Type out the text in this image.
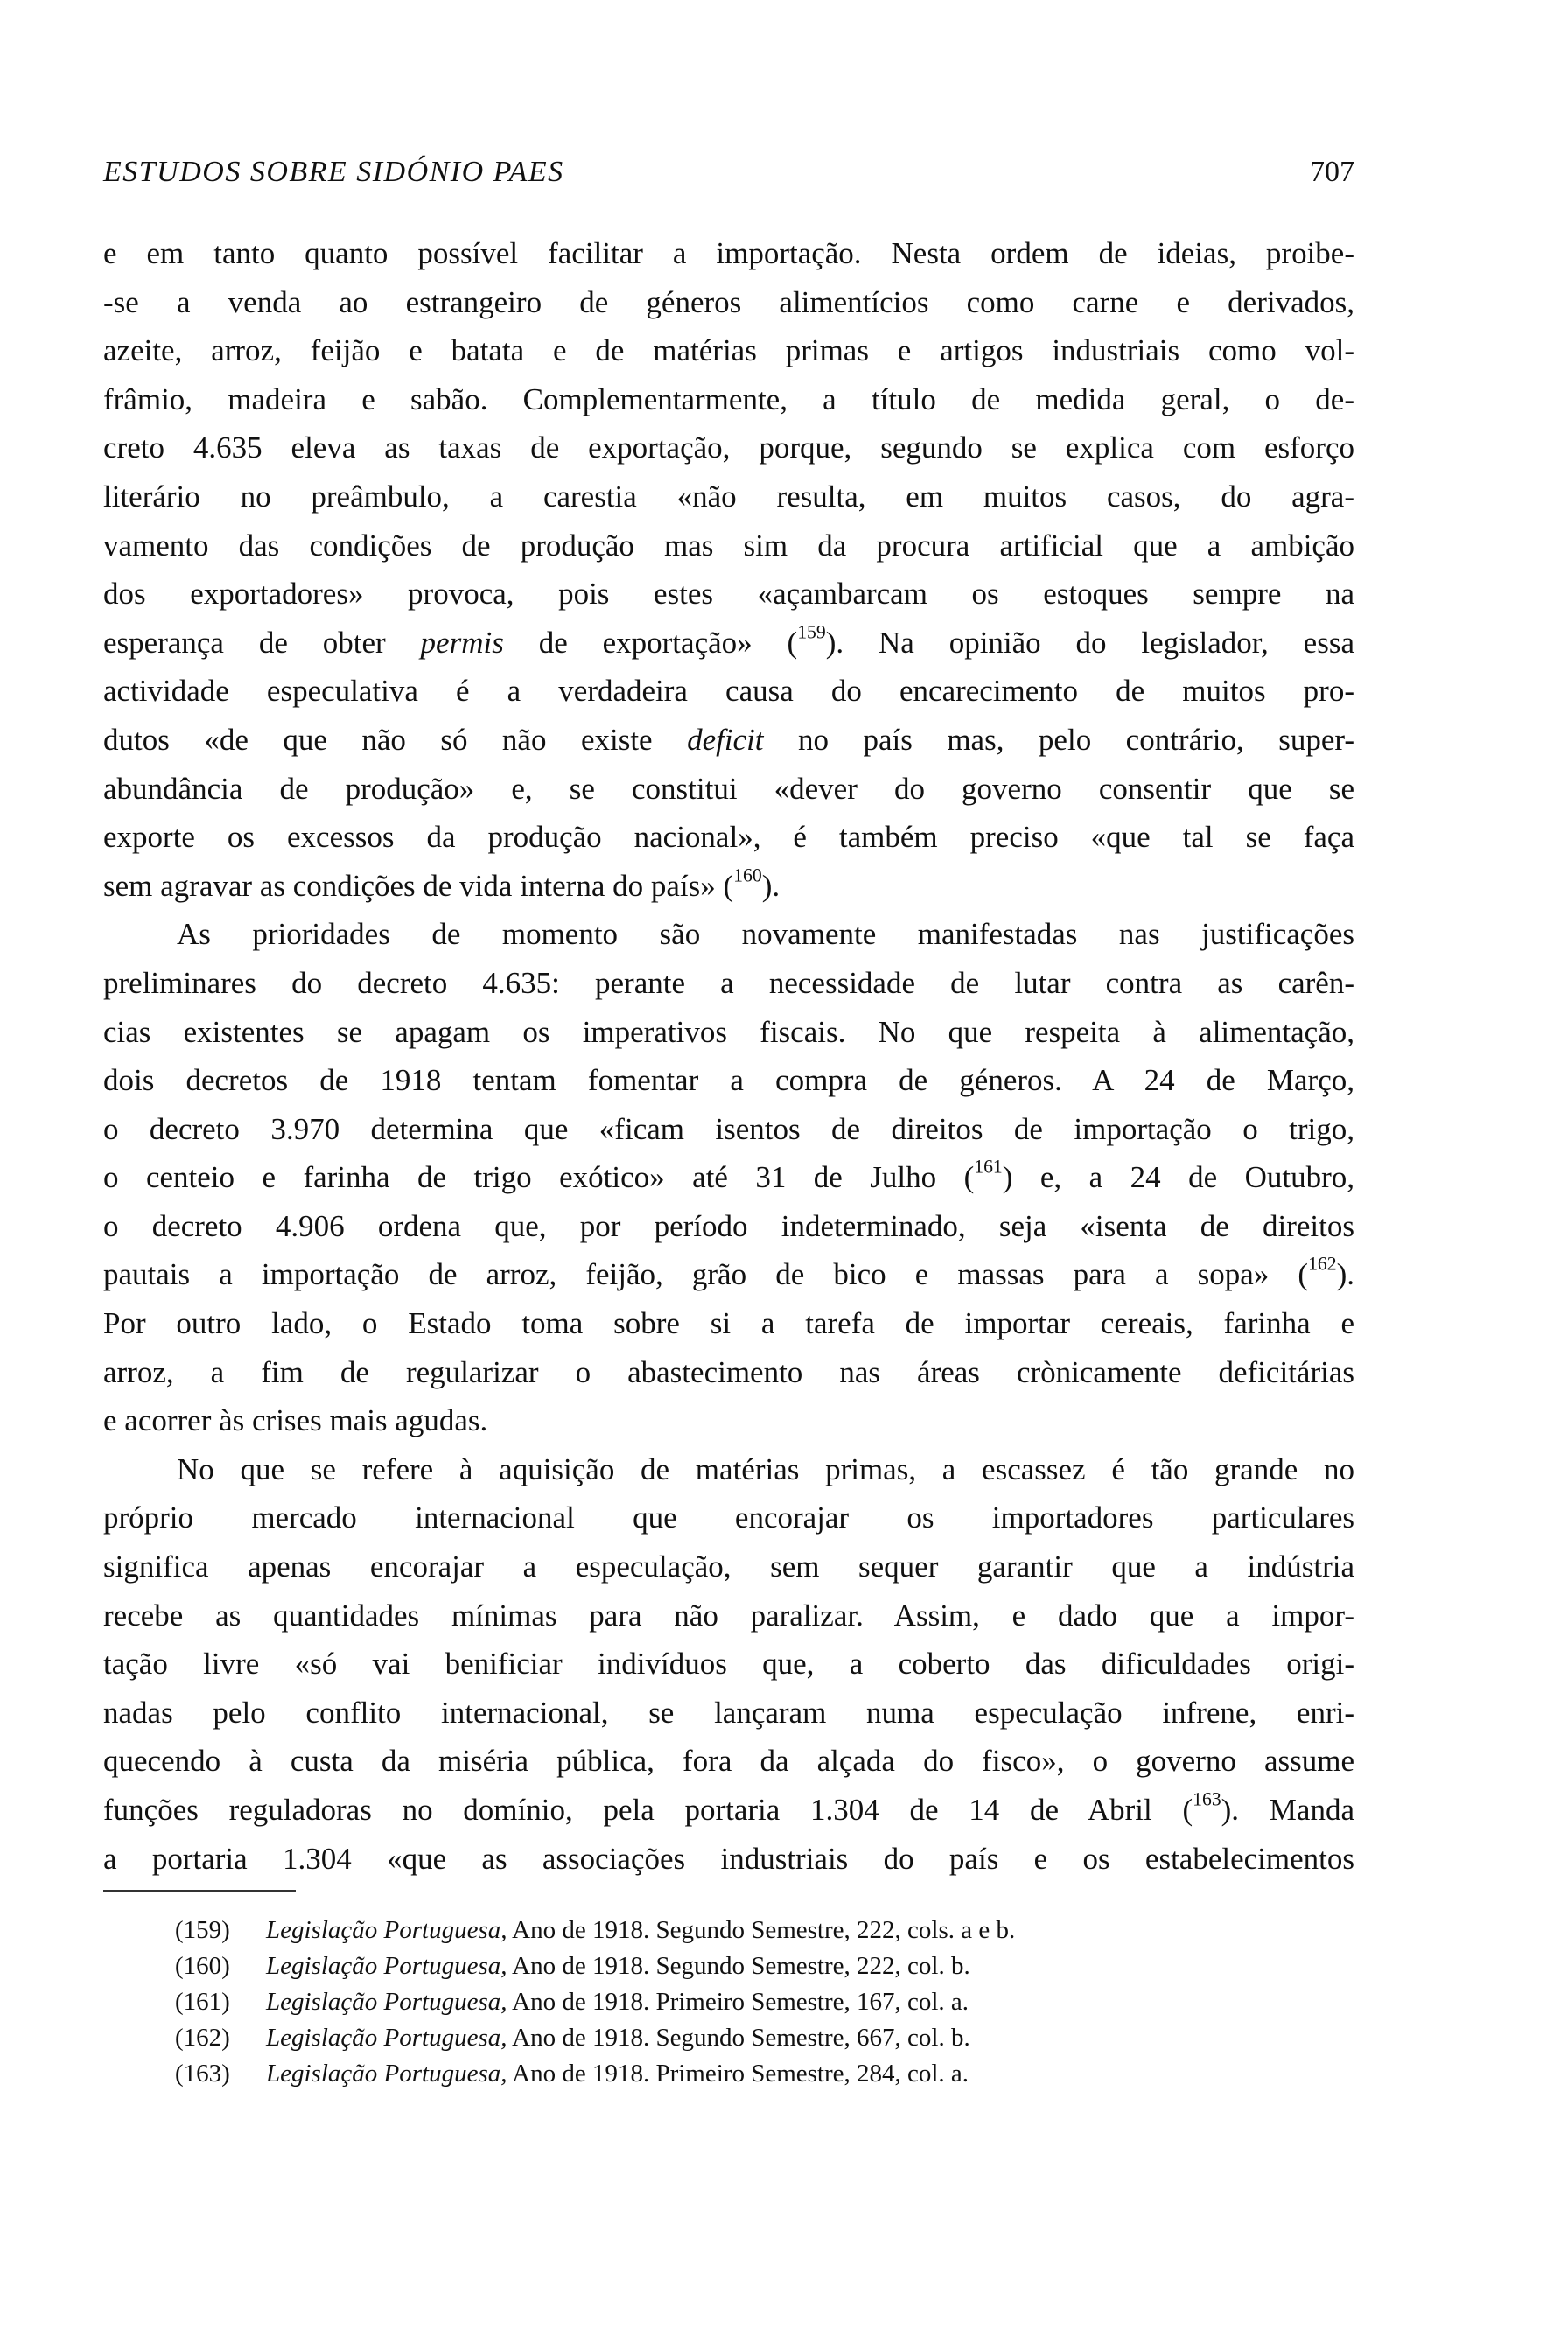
ESTUDOS SOBRE SIDÓNIO PAES	707
e em tanto quanto possível facilitar a importação. Nesta ordem de ideias, proibe-
-se a venda ao estrangeiro de géneros alimentícios como carne e derivados,
azeite, arroz, feijão e batata e de matérias primas e artigos industriais como vol-
frâmio, madeira e sabão. Complementarmente, a título de medida geral, o de-
creto 4.635 eleva as taxas de exportação, porque, segundo se explica com esforço
literário no preâmbulo, a carestia «não resulta, em muitos casos, do agra-
vamento das condições de produção mas sim da procura artificial que a ambição
dos exportadores» provoca, pois estes «açambarcam os estoques sempre na
esperança de obter permis de exportação» ($^{159}$). Na opinião do legislador, essa
actividade especulativa é a verdadeira causa do encarecimento de muitos pro-
dutos «de que não só não existe deficit no país mas, pelo contrário, super-
abundância de produção» e, se constitui «dever do governo consentir que se
exporte os excessos da produção nacional», é também preciso «que tal se faça
sem agravar as condições de vida interna do país» ($^{160}$).
As prioridades de momento são novamente manifestadas nas justificações
preliminares do decreto 4.635: perante a necessidade de lutar contra as carên-
cias existentes se apagam os imperativos fiscais. No que respeita à alimentação,
dois decretos de 1918 tentam fomentar a compra de géneros. A 24 de Março,
o decreto 3.970 determina que «ficam isentos de direitos de importação o trigo,
o centeio e farinha de trigo exótico» até 31 de Julho ($^{161}$) e, a 24 de Outubro,
o decreto 4.906 ordena que, por período indeterminado, seja «isenta de direitos
pautais a importação de arroz, feijão, grão de bico e massas para a sopa» ($^{162}$).
Por outro lado, o Estado toma sobre si a tarefa de importar cereais, farinha e
arroz, a fim de regularizar o abastecimento nas áreas crònicamente deficitárias
e acorrer às crises mais agudas.
No que se refere à aquisição de matérias primas, a escassez é tão grande no
próprio mercado internacional que encorajar os importadores particulares
significa apenas encorajar a especulação, sem sequer garantir que a indústria
recebe as quantidades mínimas para não paralizar. Assim, e dado que a impor-
tação livre «só vai benificiar indivíduos que, a coberto das dificuldades origi-
nadas pelo conflito internacional, se lançaram numa especulação infrene, enri-
quecendo à custa da miséria pública, fora da alçada do fisco», o governo assume
funções reguladoras no domínio, pela portaria 1.304 de 14 de Abril ($^{163}$). Manda
a portaria 1.304 «que as associações industriais do país e os estabelecimentos
(159) Legislação Portuguesa, Ano de 1918. Segundo Semestre, 222, cols. a e b.
(160) Legislação Portuguesa, Ano de 1918. Segundo Semestre, 222, col. b.
(161) Legislação Portuguesa, Ano de 1918. Primeiro Semestre, 167, col. a.
(162) Legislação Portuguesa, Ano de 1918. Segundo Semestre, 667, col. b.
(163) Legislação Portuguesa, Ano de 1918. Primeiro Semestre, 284, col. a.
